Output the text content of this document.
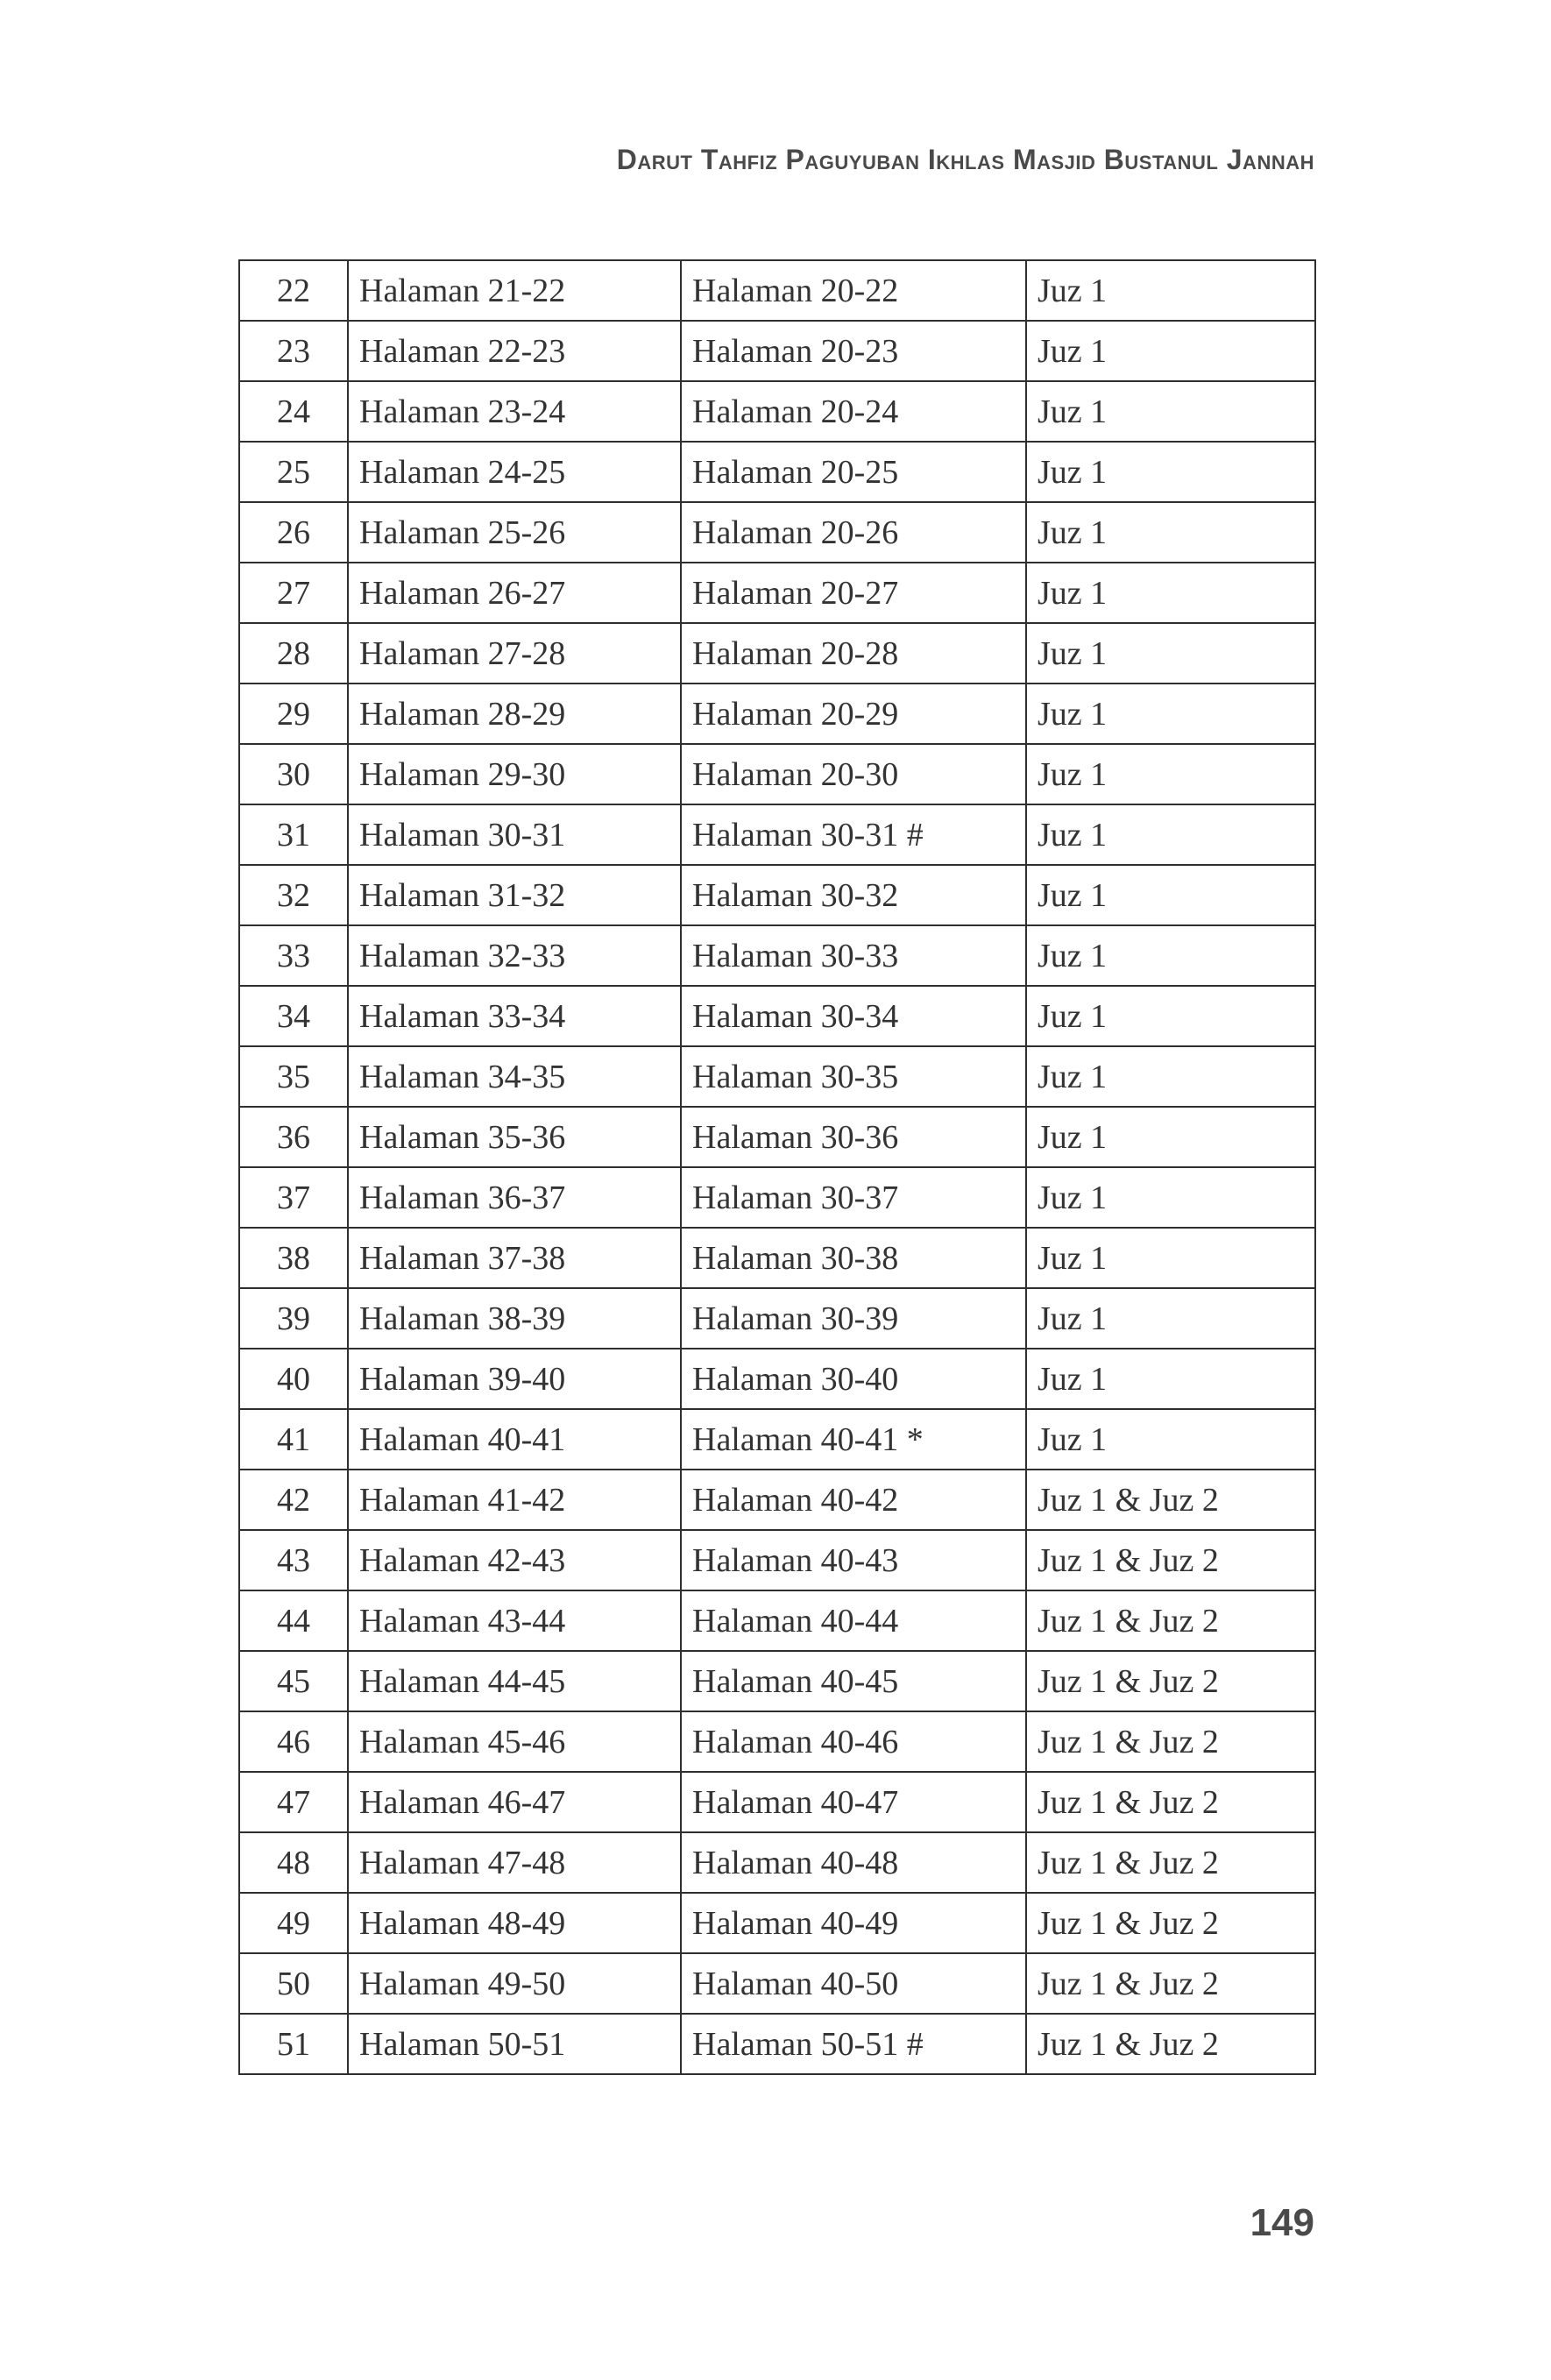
Darut Tahfiz Paguyuban Ikhlas Masjid Bustanul Jannah
22	Halaman 21-22	Halaman 20-22	Juz 1
23	Halaman 22-23	Halaman 20-23	Juz 1
24	Halaman 23-24	Halaman 20-24	Juz 1
25	Halaman 24-25	Halaman 20-25	Juz 1
26	Halaman 25-26	Halaman 20-26	Juz 1
27	Halaman 26-27	Halaman 20-27	Juz 1
28	Halaman 27-28	Halaman 20-28	Juz 1
29	Halaman 28-29	Halaman 20-29	Juz 1
30	Halaman 29-30	Halaman 20-30	Juz 1
31	Halaman 30-31	Halaman 30-31 #	Juz 1
32	Halaman 31-32	Halaman 30-32	Juz 1
33	Halaman 32-33	Halaman 30-33	Juz 1
34	Halaman 33-34	Halaman 30-34	Juz 1
35	Halaman 34-35	Halaman 30-35	Juz 1
36	Halaman 35-36	Halaman 30-36	Juz 1
37	Halaman 36-37	Halaman 30-37	Juz 1
38	Halaman 37-38	Halaman 30-38	Juz 1
39	Halaman 38-39	Halaman 30-39	Juz 1
40	Halaman 39-40	Halaman 30-40	Juz 1
41	Halaman 40-41	Halaman 40-41 *	Juz 1
42	Halaman 41-42	Halaman 40-42	Juz 1 & Juz 2
43	Halaman 42-43	Halaman 40-43	Juz 1 & Juz 2
44	Halaman 43-44	Halaman 40-44	Juz 1 & Juz 2
45	Halaman 44-45	Halaman 40-45	Juz 1 & Juz 2
46	Halaman 45-46	Halaman 40-46	Juz 1 & Juz 2
47	Halaman 46-47	Halaman 40-47	Juz 1 & Juz 2
48	Halaman 47-48	Halaman 40-48	Juz 1 & Juz 2
49	Halaman 48-49	Halaman 40-49	Juz 1 & Juz 2
50	Halaman 49-50	Halaman 40-50	Juz 1 & Juz 2
51	Halaman 50-51	Halaman 50-51 #	Juz 1 & Juz 2
149
